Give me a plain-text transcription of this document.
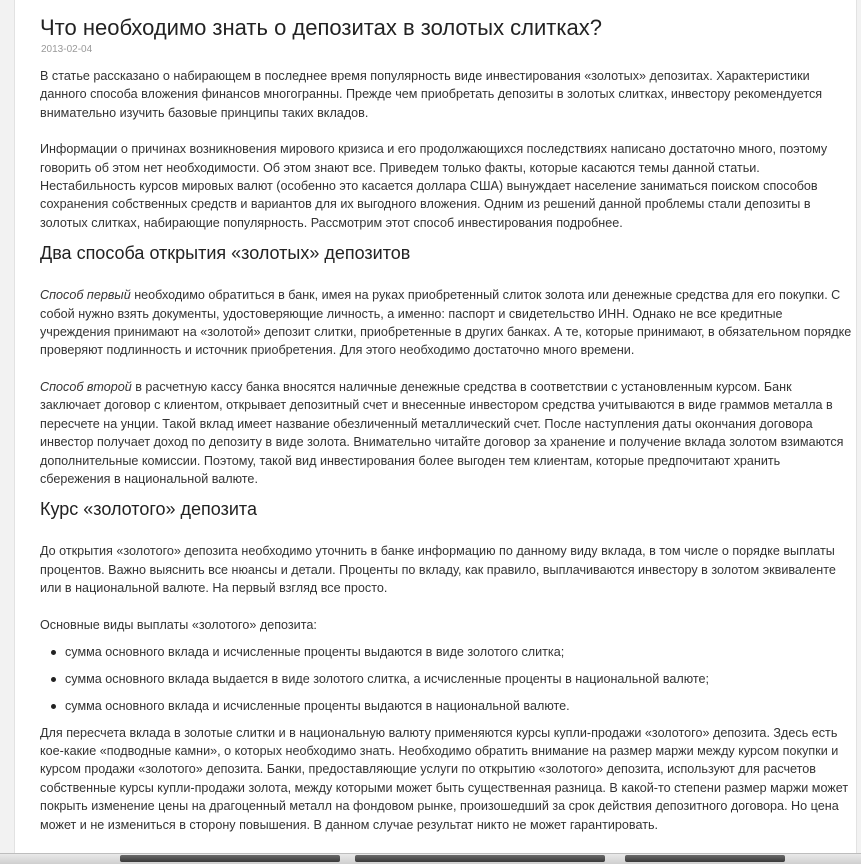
Что необходимо знать о депозитах в золотых слитках?
2013-02-04

В статье рассказано о набирающем в последнее время популярность виде инвестирования «золотых» депозитах. Характеристики данного способа вложения финансов многогранны. Прежде чем приобретать депозиты в золотых слитках, инвестору рекомендуется внимательно изучить базовые принципы таких вкладов.

Информации о причинах возникновения мирового кризиса и его продолжающихся последствиях написано достаточно много, поэтому говорить об этом нет необходимости. Об этом знают все. Приведем только факты, которые касаются темы данной статьи. Нестабильность курсов мировых валют (особенно это касается доллара США) вынуждает население заниматься поиском способов сохранения собственных средств и вариантов для их выгодного вложения. Одним из решений данной проблемы стали депозиты в золотых слитках, набирающие популярность. Рассмотрим этот способ инвестирования подробнее.

Два способа открытия «золотых» депозитов

Способ первый необходимо обратиться в банк, имея на руках приобретенный слиток золота или денежные средства для его покупки. С собой нужно взять документы, удостоверяющие личность, а именно: паспорт и свидетельство ИНН. Однако не все кредитные учреждения принимают на «золотой» депозит слитки, приобретенные в других банках. А те, которые принимают, в обязательном порядке проверяют подлинность и источник приобретения. Для этого необходимо достаточно много времени.

Способ второй в расчетную кассу банка вносятся наличные денежные средства в соответствии с установленным курсом. Банк заключает договор с клиентом, открывает депозитный счет и внесенные инвестором средства учитываются в виде граммов металла в пересчете на унции. Такой вклад имеет название обезличенный металлический счет. После наступления даты окончания договора инвестор получает доход по депозиту в виде золота. Внимательно читайте договор за хранение и получение вклада золотом взимаются дополнительные комиссии. Поэтому, такой вид инвестирования более выгоден тем клиентам, которые предпочитают хранить сбережения в национальной валюте.

Курс «золотого» депозита

До открытия «золотого» депозита необходимо уточнить в банке информацию по данному виду вклада, в том числе о порядке выплаты процентов. Важно выяснить все нюансы и детали. Проценты по вкладу, как правило, выплачиваются инвестору в золотом эквиваленте или в национальной валюте. На первый взгляд все просто.

Основные виды выплаты «золотого» депозита:

сумма основного вклада и исчисленные проценты выдаются в виде золотого слитка;
сумма основного вклада выдается в виде золотого слитка, а исчисленные проценты в национальной валюте;
сумма основного вклада и исчисленные проценты выдаются в национальной валюте.

Для пересчета вклада в золотые слитки и в национальную валюту применяются курсы купли-продажи «золотого» депозита. Здесь есть кое-какие «подводные камни», о которых необходимо знать. Необходимо обратить внимание на размер маржи между курсом покупки и курсом продажи «золотого» депозита. Банки, предоставляющие услуги по открытию «золотого» депозита, используют для расчетов собственные курсы купли-продажи золота, между которыми может быть существенная разница. В какой-то степени размер маржи может покрыть изменение цены на драгоценный металл на фондовом рынке, произошедший за срок действия депозитного договора. Но цена может и не измениться в сторону повышения. В данном случае результат никто не может гарантировать.
